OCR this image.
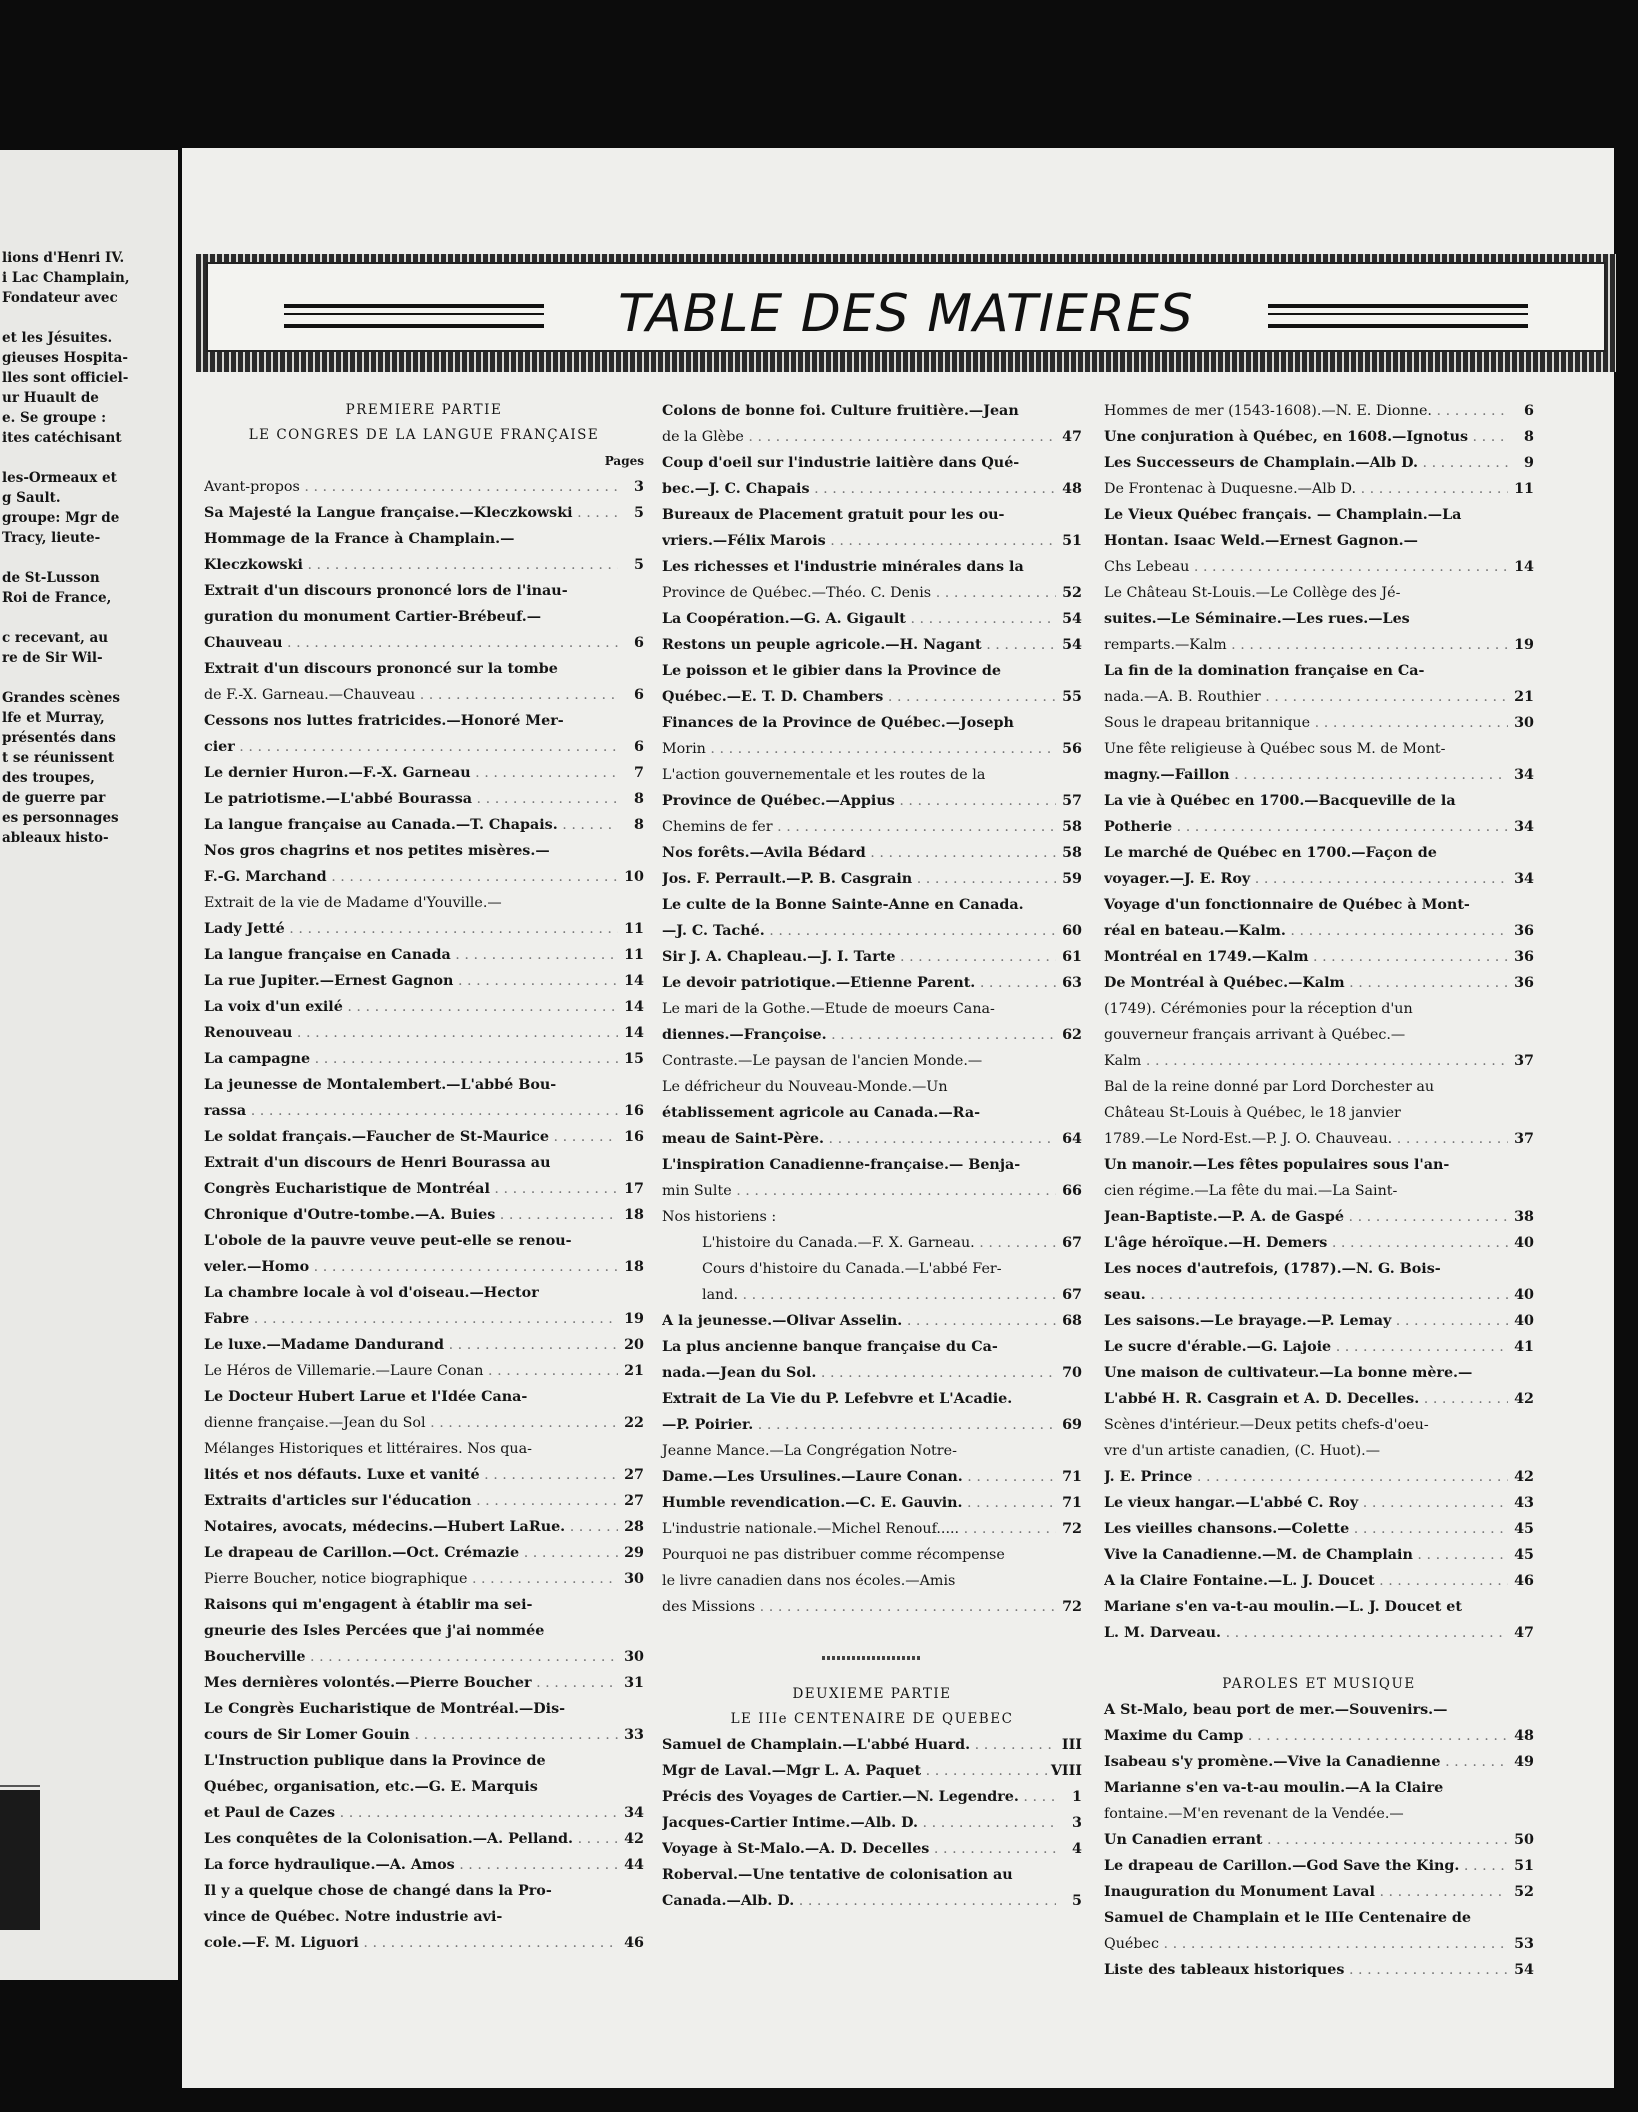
lions d'Henri IV.
i Lac Champlain,
Fondateur avec
et les Jésuites.
gieuses Hospita-
lles sont officiel-
ur Huault de
e. Se groupe :
ites catéchisant
les-Ormeaux et
g Sault.
groupe: Mgr de
Tracy, lieute-
de St-Lusson
Roi de France,
c recevant, au
re de Sir Wil-
Grandes scènes
lfe et Murray,
présentés dans
t se réunissent
des troupes,
de guerre par
es personnages
ableaux histo-
TABLE DES MATIERES
PREMIERE PARTIE
LE CONGRES DE LA LANGUE FRANÇAISE
Pages
Avant-propos . . .	3
Sa Majesté la Langue française.—Kleczkowski . . .	5
Hommage de la France à Champlain.—
Kleczkowski . . .	5
Extrait d'un discours prononcé lors de l'inau-
guration du monument Cartier-Brébeuf.—
Chauveau . . .	6
Extrait d'un discours prononcé sur la tombe
de F.-X. Garneau.—Chauveau . . .	6
Cessons nos luttes fratricides.—Honoré Mer-
cier . . .	6
Le dernier Huron.—F.-X. Garneau . . .	7
Le patriotisme.—L'abbé Bourassa . . .	8
La langue française au Canada.—T. Chapais. . . .	8
Nos gros chagrins et nos petites misères.—
F.-G. Marchand . . .	10
Extrait de la vie de Madame d'Youville.—
Lady Jetté . . .	11
La langue française en Canada . . .	11
La rue Jupiter.—Ernest Gagnon . . .	14
La voix d'un exilé . . .	14
Renouveau . . .	14
La campagne . . .	15
La jeunesse de Montalembert.—L'abbé Bou-
rassa . . .	16
Le soldat français.—Faucher de St-Maurice . . .	16
Extrait d'un discours de Henri Bourassa au
Congrès Eucharistique de Montréal . . .	17
Chronique d'Outre-tombe.—A. Buies . . .	18
L'obole de la pauvre veuve peut-elle se renou-
veler.—Homo . . .	18
La chambre locale à vol d'oiseau.—Hector
Fabre . . .	19
Le luxe.—Madame Dandurand . . .	20
Le Héros de Villemarie.—Laure Conan . . .	21
Le Docteur Hubert Larue et l'Idée Cana-
dienne française.—Jean du Sol . . .	22
Mélanges Historiques et littéraires. Nos qua-
lités et nos défauts. Luxe et vanité . . .	27
Extraits d'articles sur l'éducation . . .	27
Notaires, avocats, médecins.—Hubert LaRue. . . .	28
Le drapeau de Carillon.—Oct. Crémazie . . .	29
Pierre Boucher, notice biographique . . .	30
Raisons qui m'engagent à établir ma sei-
gneurie des Isles Percées que j'ai nommée
Boucherville . . .	30
Mes dernières volontés.—Pierre Boucher . . .	31
Le Congrès Eucharistique de Montréal.—Dis-
cours de Sir Lomer Gouin . . .	33
L'Instruction publique dans la Province de
Québec, organisation, etc.—G. E. Marquis
et Paul de Cazes . . .	34
Les conquêtes de la Colonisation.—A. Pelland. . . .	42
La force hydraulique.—A. Amos . . .	44
Il y a quelque chose de changé dans la Pro-
vince de Québec. Notre industrie avi-
cole.—F. M. Liguori . . .	46
Colons de bonne foi. Culture fruitière.—Jean
de la Glèbe . . .	47
Coup d'oeil sur l'industrie laitière dans Qué-
bec.—J. C. Chapais . . .	48
Bureaux de Placement gratuit pour les ou-
vriers.—Félix Marois . . .	51
Les richesses et l'industrie minérales dans la
Province de Québec.—Théo. C. Denis . . .	52
La Coopération.—G. A. Gigault . . .	54
Restons un peuple agricole.—H. Nagant . . .	54
Le poisson et le gibier dans la Province de
Québec.—E. T. D. Chambers . . .	55
Finances de la Province de Québec.—Joseph
Morin . . .	56
L'action gouvernementale et les routes de la
Province de Québec.—Appius . . .	57
Chemins de fer . . .	58
Nos forêts.—Avila Bédard . . .	58
Jos. F. Perrault.—P. B. Casgrain . . .	59
Le culte de la Bonne Sainte-Anne en Canada.
—J. C. Taché. . . .	60
Sir J. A. Chapleau.—J. I. Tarte . . .	61
Le devoir patriotique.—Etienne Parent. . . .	63
Le mari de la Gothe.—Etude de moeurs Cana-
diennes.—Françoise. . . .	62
Contraste.—Le paysan de l'ancien Monde.—
Le défricheur du Nouveau-Monde.—Un
établissement agricole au Canada.—Ra-
meau de Saint-Père. . . .	64
L'inspiration Canadienne-française.— Benja-
min Sulte . . .	66
Nos historiens :
L'histoire du Canada.—F. X. Garneau. . . .	67
Cours d'histoire du Canada.—L'abbé Fer-
land. . . .	67
A la jeunesse.—Olivar Asselin. . . .	68
La plus ancienne banque française du Ca-
nada.—Jean du Sol. . . .	70
Extrait de La Vie du P. Lefebvre et L'Acadie.
—P. Poirier. . . .	69
Jeanne Mance.—La Congrégation Notre-
Dame.—Les Ursulines.—Laure Conan. . . .	71
Humble revendication.—C. E. Gauvin. . . .	71
L'industrie nationale.—Michel Renouf..... . . .	72
Pourquoi ne pas distribuer comme récompense
le livre canadien dans nos écoles.—Amis
des Missions . . .	72
DEUXIEME PARTIE
LE IIIe CENTENAIRE DE QUEBEC
Samuel de Champlain.—L'abbé Huard. . . .	III
Mgr de Laval.—Mgr L. A. Paquet . . .	VIII
Précis des Voyages de Cartier.—N. Legendre. . . .	1
Jacques-Cartier Intime.—Alb. D. . . .	3
Voyage à St-Malo.—A. D. Decelles . . .	4
Roberval.—Une tentative de colonisation au
Canada.—Alb. D. . . .	5
Hommes de mer (1543-1608).—N. E. Dionne. . . .	6
Une conjuration à Québec, en 1608.—Ignotus . . .	8
Les Successeurs de Champlain.—Alb D. . . .	9
De Frontenac à Duquesne.—Alb D. . . .	11
Le Vieux Québec français. — Champlain.—La
Hontan. Isaac Weld.—Ernest Gagnon.—
Chs Lebeau . . .	14
Le Château St-Louis.—Le Collège des Jé-
suites.—Le Séminaire.—Les rues.—Les
remparts.—Kalm . . .	19
La fin de la domination française en Ca-
nada.—A. B. Routhier . . .	21
Sous le drapeau britannique . . .	30
Une fête religieuse à Québec sous M. de Mont-
magny.—Faillon . . .	34
La vie à Québec en 1700.—Bacqueville de la
Potherie . . .	34
Le marché de Québec en 1700.—Façon de
voyager.—J. E. Roy . . .	34
Voyage d'un fonctionnaire de Québec à Mont-
réal en bateau.—Kalm. . . .	36
Montréal en 1749.—Kalm . . .	36
De Montréal à Québec.—Kalm . . .	36
(1749). Cérémonies pour la réception d'un
gouverneur français arrivant à Québec.—
Kalm . . .	37
Bal de la reine donné par Lord Dorchester au
Château St-Louis à Québec, le 18 janvier
1789.—Le Nord-Est.—P. J. O. Chauveau. . . .	37
Un manoir.—Les fêtes populaires sous l'an-
cien régime.—La fête du mai.—La Saint-
Jean-Baptiste.—P. A. de Gaspé . . .	38
L'âge héroïque.—H. Demers . . .	40
Les noces d'autrefois, (1787).—N. G. Bois-
seau. . . .	40
Les saisons.—Le brayage.—P. Lemay . . .	40
Le sucre d'érable.—G. Lajoie . . .	41
Une maison de cultivateur.—La bonne mère.—
L'abbé H. R. Casgrain et A. D. Decelles. . . .	42
Scènes d'intérieur.—Deux petits chefs-d'oeu-
vre d'un artiste canadien, (C. Huot).—
J. E. Prince . . .	42
Le vieux hangar.—L'abbé C. Roy . . .	43
Les vieilles chansons.—Colette . . .	45
Vive la Canadienne.—M. de Champlain . . .	45
A la Claire Fontaine.—L. J. Doucet . . .	46
Mariane s'en va-t-au moulin.—L. J. Doucet et
L. M. Darveau. . . .	47
PAROLES ET MUSIQUE
A St-Malo, beau port de mer.—Souvenirs.—
Maxime du Camp . . .	48
Isabeau s'y promène.—Vive la Canadienne . . .	49
Marianne s'en va-t-au moulin.—A la Claire
fontaine.—M'en revenant de la Vendée.—
Un Canadien errant . . .	50
Le drapeau de Carillon.—God Save the King. . . .	51
Inauguration du Monument Laval . . .	52
Samuel de Champlain et le IIIe Centenaire de
Québec . . .	53
Liste des tableaux historiques . . .	54
